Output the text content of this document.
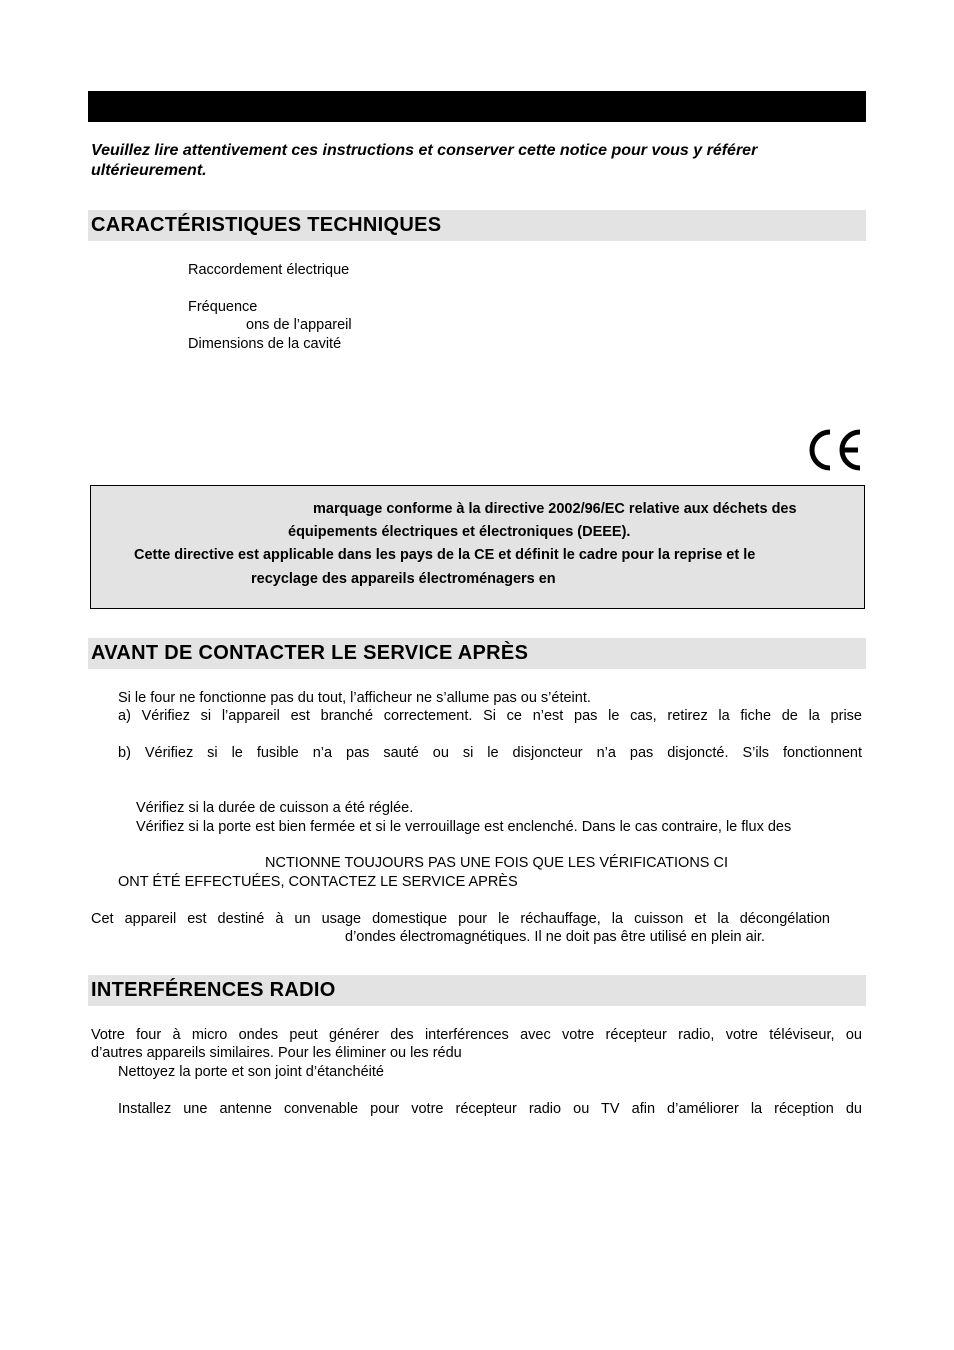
Veuillez lire attentivement ces instructions et conserver cette notice pour vous y référer ultérieurement.
CARACTÉRISTIQUES TECHNIQUES
Raccordement électrique
Fréquence
ons de l’appareil
Dimensions de la cavité
marquage conforme à la directive 2002/96/EC relative aux déchets des
équipements électriques et électroniques (DEEE).
Cette directive est applicable dans les pays de la CE et définit le cadre pour la reprise et le
recyclage des appareils électroménagers en
AVANT DE CONTACTER LE SERVICE APRÈS
Si le four ne fonctionne pas du tout, l’afficheur ne s’allume pas ou s’éteint.
a) Vérifiez si l’appareil est branché correctement. Si ce n’est pas le cas, retirez la fiche de la prise
b) Vérifiez si le fusible n’a pas sauté ou si le disjoncteur n’a pas disjoncté. S’ils fonctionnent
Vérifiez si la durée de cuisson a été réglée.
Vérifiez si la porte est bien fermée et si le verrouillage est enclenché. Dans le cas contraire, le flux des
NCTIONNE TOUJOURS PAS UNE FOIS QUE LES VÉRIFICATIONS CI
ONT ÉTÉ EFFECTUÉES, CONTACTEZ LE SERVICE APRÈS
Cet appareil est destiné à un usage domestique pour le réchauffage, la cuisson et la décongélation
d’ondes électromagnétiques. Il ne doit pas être utilisé en plein air.
INTERFÉRENCES RADIO
Votre four à micro ondes peut générer des interférences avec votre récepteur radio, votre téléviseur, ou
d’autres appareils similaires. Pour les éliminer ou les rédu
Nettoyez la porte et son joint d’étanchéité
Installez une antenne convenable pour votre récepteur radio ou TV afin d’améliorer la réception du
